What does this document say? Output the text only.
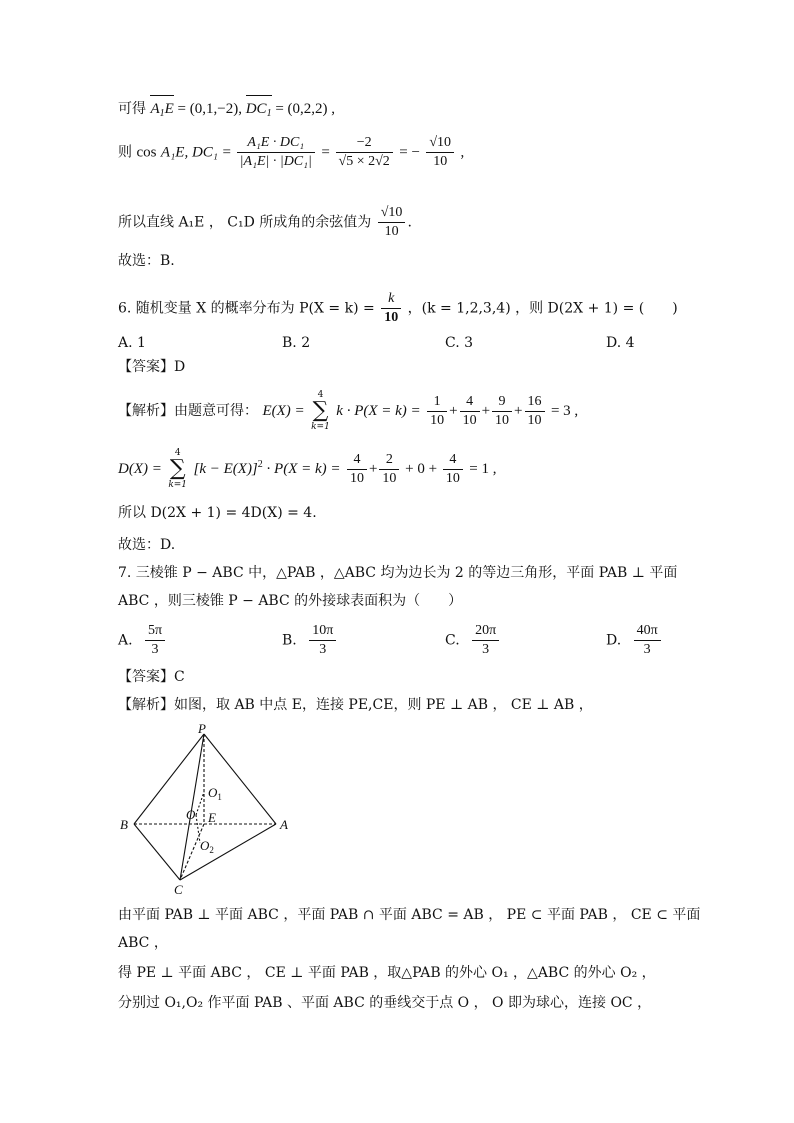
可得 $A_1E = (0,1,-2)$, $DC_1 = (0,2,2)$ ,
则 cos A₁E, $DC_1 = \frac{\text{A₁E · DC₁}}{\text{|A₁E| · |DC₁|}} = \frac{-2}{√5 \times 2√2}$ = − $\frac{√10}{10}$ ,
所以直线 A₁E ， C₁D 所成角的余弦值为 $\frac{√10}{10}$ .
故选：B.
6. 随机变量 X 的概率分布为 $P(X = k) = \frac{k}{10}$ ，(k = 1,2,3,4) ，则 D(2X + 1) = (　　)
A. 1	B. 2	C. 3	D. 4
【答案】D
【解析】由题意可得： E(X) =
4
∑
k=1
$k \cdot P(X = k) = \frac{1}{10} + \frac{4}{10} + \frac{9}{10} + \frac{16}{10} = 3$ ,
D(X) =
4
∑
k=1
$[k - E(X)]^2 \cdot P(X = k) = \frac{4}{10} + \frac{2}{10} + 0 + \frac{4}{10} = 1$ ,
所以 D(2X + 1) = 4D(X) = 4.
故选：D.
7. 三棱锥 P − ABC 中，△PAB ，△ABC 均为边长为 2 的等边三角形，平面 PAB ⊥ 平面
ABC ，则三棱锥 P − ABC 的外接球表面积为（　　）
A. $\frac{5\pi}{3}$	B. $\frac{10\pi}{3}$	C. $\frac{20\pi}{3}$	D. $\frac{40\pi}{3}$
【答案】C
【解析】如图，取 AB 中点 E，连接 PE,CE，则 PE ⊥ AB ， CE ⊥ AB ，
P
A
B
C
E
O
$O_1$
$O_2$
由平面 PAB ⊥ 平面 ABC ，平面 PAB ∩ 平面 ABC = AB ， PE ⊂ 平面 PAB ， CE ⊂ 平面
ABC ，
得 PE ⊥ 平面 ABC ， CE ⊥ 平面 PAB ，取△PAB 的外心 O₁ ，△ABC 的外心 O₂ ，
分别过 O₁,O₂ 作平面 PAB 、平面 ABC 的垂线交于点 O ， O 即为球心，连接 OC ，
